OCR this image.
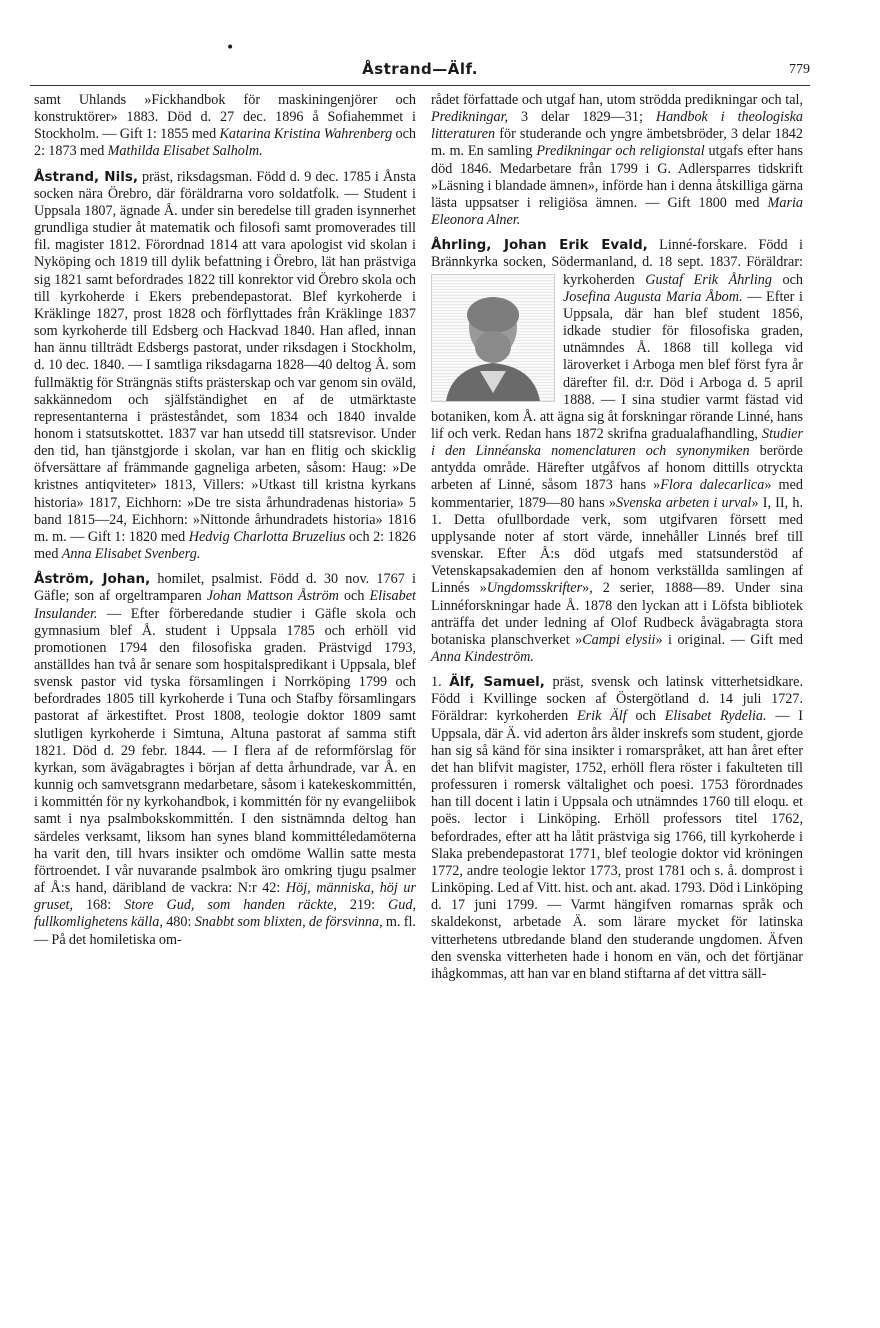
•
Åstrand—Älf.	779

samt Uhlands »Fickhandbok för maskiningenjörer och konstruktörer» 1883. Död d. 27 dec. 1896 å Sofiahemmet i Stockholm. — Gift 1: 1855 med Katarina Kristina Wahrenberg och 2: 1873 med Mathilda Elisabet Salholm.

Åstrand, Nils, präst, riksdagsman. Född d. 9 dec. 1785 i Ånsta socken nära Örebro, där föräldrarna voro soldatfolk. — Student i Uppsala 1807, ägnade Å. under sin beredelse till graden isynnerhet grundliga studier åt matematik och filosofi samt promoverades till fil. magister 1812. Förordnad 1814 att vara apologist vid skolan i Nyköping och 1819 till dylik befattning i Örebro, lät han prästviga sig 1821 samt befordrades 1822 till konrektor vid Örebro skola och till kyrkoherde i Ekers prebendepastorat. Blef kyrkoherde i Kräklinge 1827, prost 1828 och förflyttades från Kräklinge 1837 som kyrkoherde till Edsberg och Hackvad 1840. Han afled, innan han ännu tillträdt Edsbergs pastorat, under riksdagen i Stockholm, d. 10 dec. 1840. — I samtliga riksdagarna 1828—40 deltog Å. som fullmäktig för Strängnäs stifts prästerskap och var genom sin oväld, sakkännedom och själfständighet en af de utmärktaste representanterna i prästeståndet, som 1834 och 1840 invalde honom i statsutskottet. 1837 var han utsedd till statsrevisor. Under den tid, han tjänstgjorde i skolan, var han en flitig och skicklig öfversättare af främmande gagneliga arbeten, såsom: Haug: »De kristnes antiqviteter» 1813, Villers: »Utkast till kristna kyrkans historia» 1817, Eichhorn: »De tre sista århundradenas historia» 5 band 1815—24, Eichhorn: »Nittonde århundradets historia» 1816 m. m. — Gift 1: 1820 med Hedvig Charlotta Bruzelius och 2: 1826 med Anna Elisabet Svenberg.

Åström, Johan, homilet, psalmist. Född d. 30 nov. 1767 i Gäfle; son af orgeltramparen Johan Mattson Åström och Elisabet Insulander. — Efter förberedande studier i Gäfle skola och gymnasium blef Å. student i Uppsala 1785 och erhöll vid promotionen 1794 den filosofiska graden. Prästvigd 1793, anställdes han två år senare som hospitalspredikant i Uppsala, blef svensk pastor vid tyska församlingen i Norrköping 1799 och befordrades 1805 till kyrkoherde i Tuna och Stafby församlingars pastorat af ärkestiftet. Prost 1808, teologie doktor 1809 samt slutligen kyrkoherde i Simtuna, Altuna pastorat af samma stift 1821. Död d. 29 febr. 1844. — I flera af de reformförslag för kyrkan, som ävägabragtes i början af detta århundrade, var Å. en kunnig och samvetsgrann medarbetare, såsom i katekeskommittén, i kommittén för ny kyrkohandbok, i kommittén för ny evangeliibok samt i nya psalmbokskommittén. I den sistnämnda deltog han särdeles verksamt, liksom han synes bland kommittéledamöterna ha varit den, till hvars insikter och omdöme Wallin satte mesta förtroendet. I vår nuvarande psalmbok äro omkring tjugu psalmer af Å:s hand, däribland de vackra: N:r 42: Höj, människa, höj ur gruset, 168: Store Gud, som handen räckte, 219: Gud, fullkomlighetens källa, 480: Snabbt som blixten, de försvinna, m. fl. — På det homiletiska om-

rådet författade och utgaf han, utom strödda predikningar och tal, Predikningar, 3 delar 1829—31; Handbok i theologiska litteraturen för studerande och yngre ämbetsbröder, 3 delar 1842 m. m. En samling Predikningar och religionstal utgafs efter hans död 1846. Medarbetare från 1799 i G. Adlersparres tidskrift »Läsning i blandade ämnen», införde han i denna åtskilliga gärna lästa uppsatser i religiösa ämnen. — Gift 1800 med Maria Eleonora Alner.

Åhrling, Johan Erik Evald, Linné-forskare. Född i Brännkyrka socken, Södermanland, d. 18 sept. 1837. Föräldrar: kyrkoherden
Gustaf Erik Åhrling och Josefina Augusta Maria Åbom. — Efter i Uppsala, där han blef student 1856, idkade studier för filosofiska graden, utnämndes Å. 1868 till kollega vid läroverket i Arboga men blef först fyra år därefter fil. d:r. Död i Arboga d. 5 april 1888. — I sina studier varmt fästad vid botaniken, kom Å. att ägna sig åt forskningar rörande Linné, hans lif och verk. Redan hans 1872 skrifna gradualafhandling, Studier i den Linnéanska nomenclaturen och synonymiken berörde antydda område. Härefter utgåfvos af honom dittills otryckta arbeten af Linné, såsom 1873 hans »Flora dalecarlica» med kommentarier, 1879—80 hans »Svenska arbeten i urval» I, II, h. 1. Detta ofullbordade verk, som utgifvaren försett med upplysande noter af stort värde, innehåller Linnés bref till svenskar. Efter Å:s död utgafs med statsunderstöd af Vetenskapsakademien den af honom verkställda samlingen af Linnés »Ungdomsskrifter», 2 serier, 1888—89. Under sina Linnéforskningar hade Å. 1878 den lyckan att i Löfsta bibliotek anträffa det under ledning af Olof Rudbeck åvägabragta stora botaniska planschverket »Campi elysii» i original. — Gift med Anna Kindeström.

1. Älf, Samuel, präst, svensk och latinsk vitterhetsidkare. Född i Kvillinge socken af Östergötland d. 14 juli 1727. Föräldrar: kyrkoherden Erik Älf och Elisabet Rydelia. — I Uppsala, där Ä. vid aderton års ålder inskrefs som student, gjorde han sig så känd för sina insikter i romarspråket, att han året efter det han blifvit magister, 1752, erhöll flera röster i fakulteten till professuren i romersk vältalighet och poesi. 1753 förordnades han till docent i latin i Uppsala och utnämndes 1760 till eloqu. et poës. lector i Linköping. Erhöll professors titel 1762, befordrades, efter att ha låtit prästviga sig 1766, till kyrkoherde i Slaka prebendepastorat 1771, blef teologie doktor vid kröningen 1772, andre teologie lektor 1773, prost 1781 och s. å. domprost i Linköping. Led af Vitt. hist. och ant. akad. 1793. Död i Linköping d. 17 juni 1799. — Varmt hängifven romarnas språk och skaldekonst, arbetade Ä. som lärare mycket för latinska vitterhetens utbredande bland den studerande ungdomen. Äfven den svenska vitterheten hade i honom en vän, och det förtjänar ihågkommas, att han var en bland stiftarna af det vittra säll-
